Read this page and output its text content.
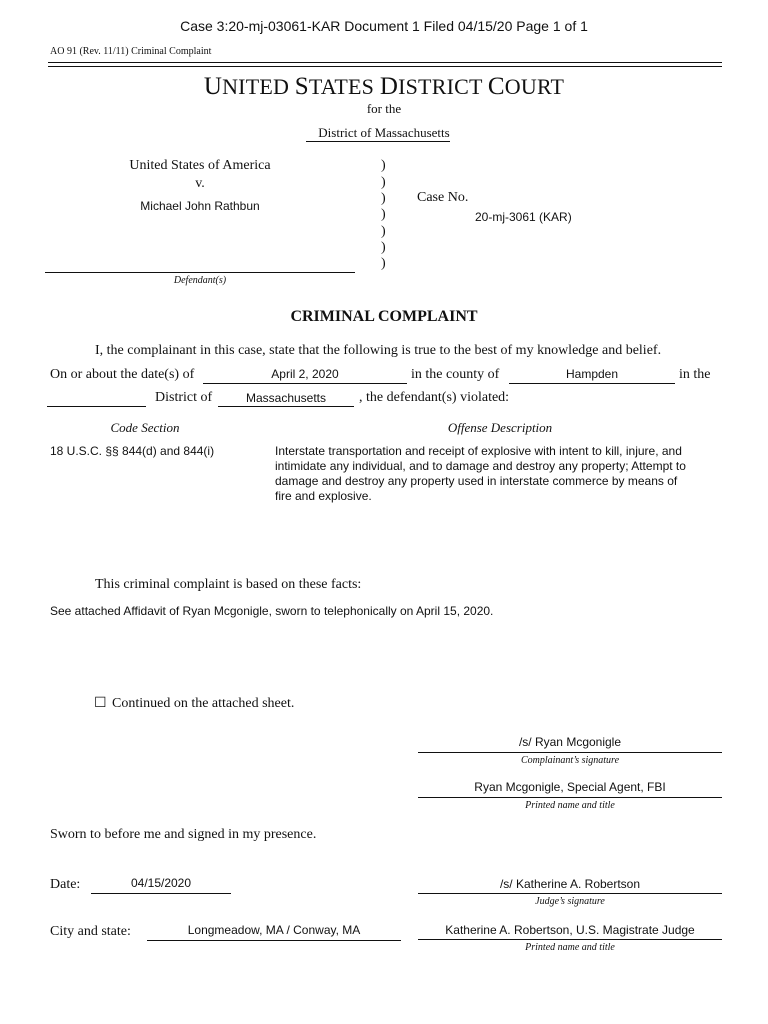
Case 3:20-mj-03061-KAR Document 1 Filed 04/15/20 Page 1 of 1
AO 91 (Rev. 11/11) Criminal Complaint
UNITED STATES DISTRICT COURT
for the
District of Massachusetts
United States of America
v.
Michael John Rathbun
Defendant(s)
)
)
)
)
)
)
)
Case No.
20-mj-3061 (KAR)
CRIMINAL COMPLAINT
I, the complainant in this case, state that the following is true to the best of my knowledge and belief.
On or about the date(s) of	April 2, 2020	in the county of	Hampden	in the
District of	Massachusetts	, the defendant(s) violated:
Code Section	Offense Description
18 U.S.C. §§ 844(d) and 844(i)	Interstate transportation and receipt of explosive with intent to kill, injure, and
intimidate any individual, and to damage and destroy any property; Attempt to
damage and destroy any property used in interstate commerce by means of
fire and explosive.
This criminal complaint is based on these facts:
See attached Affidavit of Ryan Mcgonigle, sworn to telephonically on April 15, 2020.
☐ Continued on the attached sheet.
/s/ Ryan Mcgonigle
Complainant’s signature
Ryan Mcgonigle, Special Agent, FBI
Printed name and title
Sworn to before me and signed in my presence.
Date:	04/15/2020	/s/ Katherine A. Robertson
Judge’s signature
City and state:	Longmeadow, MA / Conway, MA	Katherine A. Robertson, U.S. Magistrate Judge
Printed name and title
